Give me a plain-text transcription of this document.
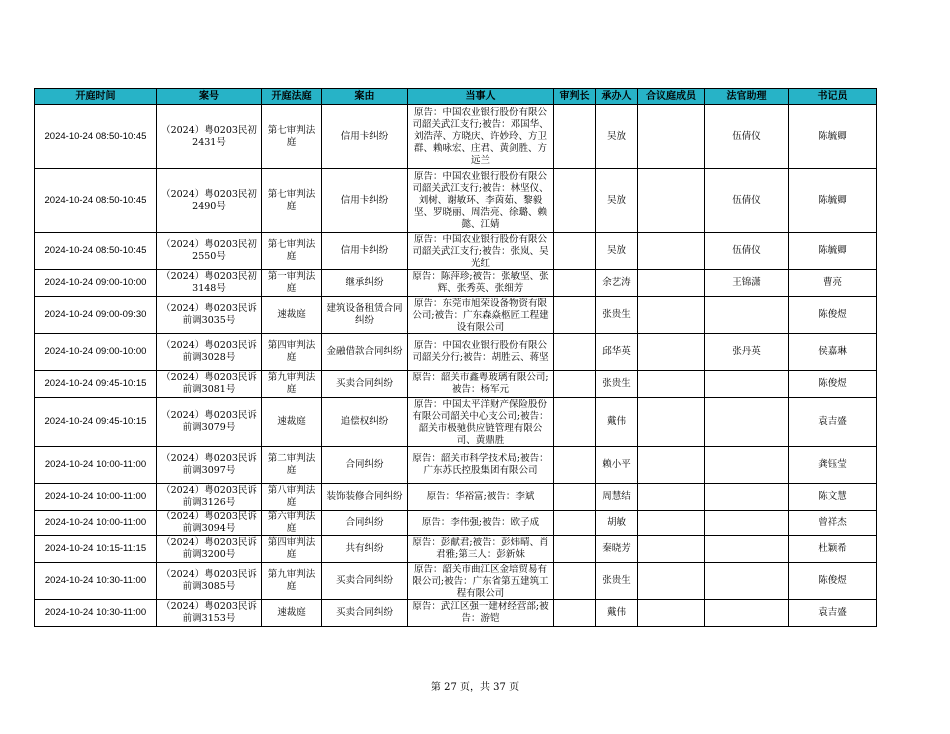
开庭时间	案号	开庭法庭	案由	当事人	审判长	承办人	合议庭成员	法官助理	书记员
2024-10-24 08:50-10:45	（2024）粤0203民初2431号	第七审判法庭	信用卡纠纷	原告：中国农业银行股份有限公司韶关武江支行;被告：邓国华、刘浩萍、方晓庆、许妙玲、方卫群、赖咏宏、庄君、黄剑胜、方远兰		吴放		伍倩仪	陈毓卿
2024-10-24 08:50-10:45	（2024）粤0203民初2490号	第七审判法庭	信用卡纠纷	原告：中国农业银行股份有限公司韶关武江支行;被告：林坚仪、刘树、谢敏环、李茵茹、黎毅坚、罗晓丽、周浩亮、徐璐、赖懿、江婧		吴放		伍倩仪	陈毓卿
2024-10-24 08:50-10:45	（2024）粤0203民初2550号	第七审判法庭	信用卡纠纷	原告：中国农业银行股份有限公司韶关武江支行;被告：张岚、吴光红		吴放		伍倩仪	陈毓卿
2024-10-24 09:00-10:00	（2024）粤0203民初3148号	第一审判法庭	继承纠纷	原告：陈萍珍;被告：张敏坚、张辉、张秀英、张细芳		余艺涛		王锦潇	曹亮
2024-10-24 09:00-09:30	（2024）粤0203民诉前调3035号	速裁庭	建筑设备租赁合同纠纷	原告：东莞市旭荣设备物资有限公司;被告：广东森焱柩匠工程建设有限公司		张贵生			陈俊煜
2024-10-24 09:00-10:00	（2024）粤0203民诉前调3028号	第四审判法庭	金融借款合同纠纷	原告：中国农业银行股份有限公司韶关分行;被告：胡胜云、蒋坚		邱华英		张丹英	侯嘉琳
2024-10-24 09:45-10:15	（2024）粤0203民诉前调3081号	第九审判法庭	买卖合同纠纷	原告：韶关市鑫粤玻璃有限公司;被告：杨军元		张贵生			陈俊煜
2024-10-24 09:45-10:15	（2024）粤0203民诉前调3079号	速裁庭	追偿权纠纷	原告：中国太平洋财产保险股份有限公司韶关中心支公司;被告：韶关市极驰供应链管理有限公司、黄鼎胜		戴伟			袁吉盛
2024-10-24 10:00-11:00	（2024）粤0203民诉前调3097号	第二审判法庭	合同纠纷	原告：韶关市科学技术局;被告：广东苏氏控股集团有限公司		赖小平			龚钰莹
2024-10-24 10:00-11:00	（2024）粤0203民诉前调3126号	第八审判法庭	装饰装修合同纠纷	原告：华裕富;被告：李斌		周慧结			陈文慧
2024-10-24 10:00-11:00	（2024）粤0203民诉前调3094号	第六审判法庭	合同纠纷	原告：李伟强;被告：欧子成		胡敏			曾祥杰
2024-10-24 10:15-11:15	（2024）粤0203民诉前调3200号	第四审判法庭	共有纠纷	原告：彭献君;被告：彭炜晴、肖君雅;第三人：彭新妹		秦晓芳			杜颖希
2024-10-24 10:30-11:00	（2024）粤0203民诉前调3085号	第九审判法庭	买卖合同纠纷	原告：韶关市曲江区金培贸易有限公司;被告：广东省第五建筑工程有限公司		张贵生			陈俊煜
2024-10-24 10:30-11:00	（2024）粤0203民诉前调3153号	速裁庭	买卖合同纠纷	原告：武江区强一建材经营部;被告：游铠		戴伟			袁吉盛
第 27 页，共 37 页
